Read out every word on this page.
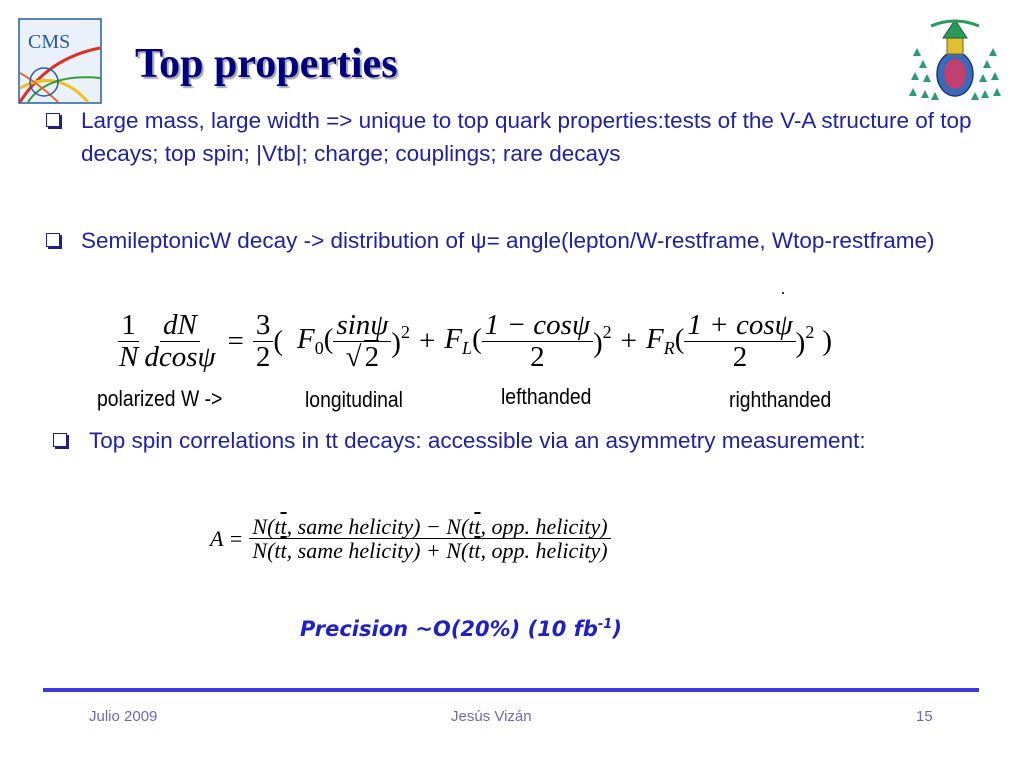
CMS Top properties
Large mass, large width => unique to top quark properties:tests of the V-A structure of top decays; top spin; |Vtb|; charge; couplings; rare decays
SemileptonicW decay -> distribution of ψ= angle(lepton/W-restframe, Wtop-restframe)
$\frac{1}{N} \frac{dN}{dcos\psi} = \frac{3}{2}$ ( $F_0( \frac{\sin\psi}{√ 2} )^2 + F_L( \frac{1 - \cos\psi}{2} )^2 + F_R( \frac{1 + \cos\psi}{2} )^2$ )
polarized W ->	longitudinal	lefthanded	righthanded
Top spin correlations in tt decays: accessible via an asymmetry measurement:
$A = \frac{N(t\overline{t}, same helicity) - N(t\overline{t}, opp. helicity)}{N(t\overline{t}, same helicity) + N(t\overline{t}, opp. helicity)}$
Precision ~O(20%) (10 $fb^{-1}$)
Julio 2009	Jesús Vizán	15
